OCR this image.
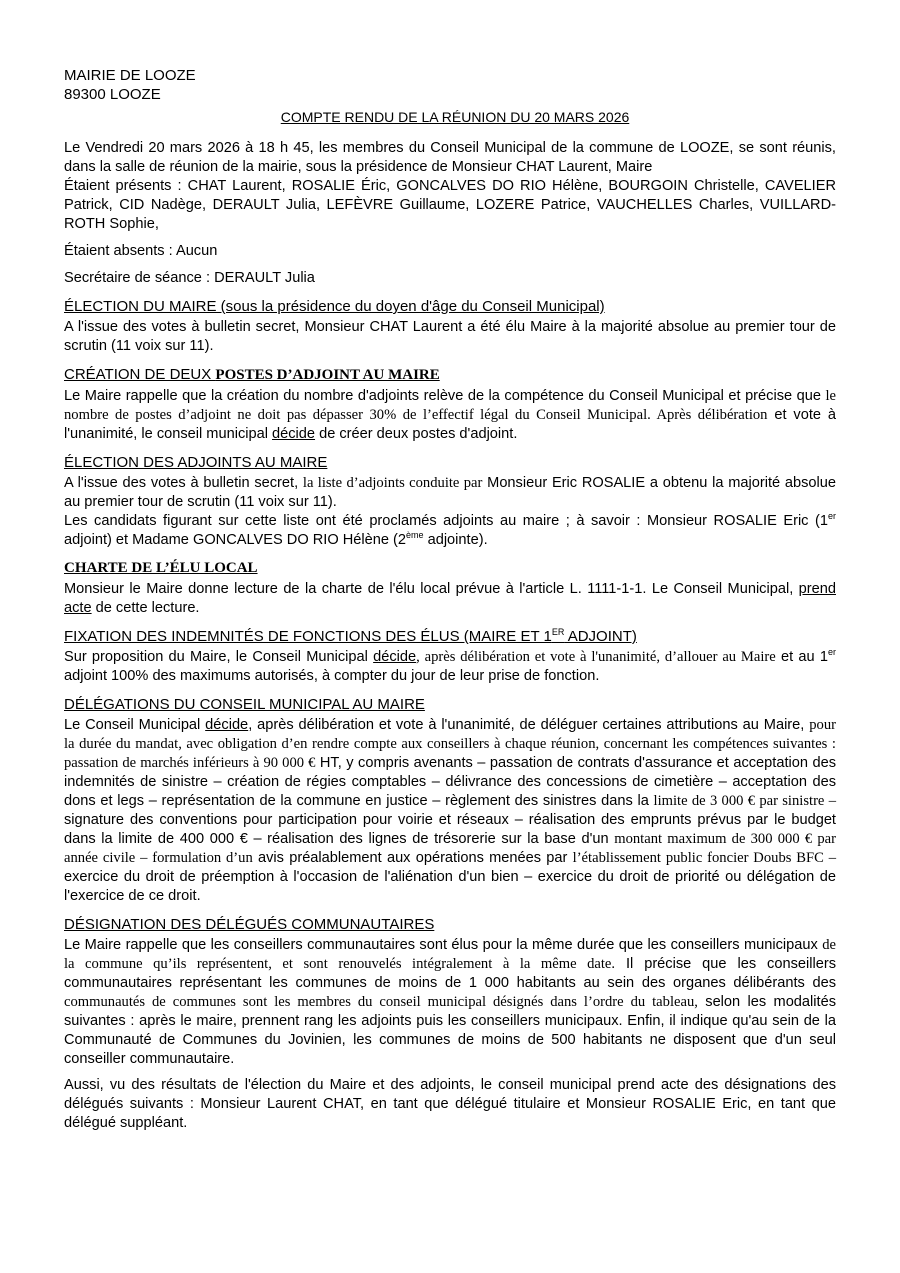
MAIRIE DE LOOZE
89300 LOOZE
COMPTE RENDU DE LA RÉUNION DU 20 MARS 2026

Le Vendredi 20 mars 2026 à 18 h 45, les membres du Conseil Municipal de la commune de LOOZE, se sont réunis, dans la salle de réunion de la mairie, sous la présidence de Monsieur CHAT Laurent, Maire

Étaient présents : CHAT Laurent, ROSALIE Éric, GONCALVES DO RIO Hélène, BOURGOIN Christelle, CAVELIER Patrick, CID Nadège, DERAULT Julia, LEFÈVRE Guillaume, LOZERE Patrice, VAUCHELLES Charles, VUILLARD-ROTH Sophie,

Étaient absents : Aucun

Secrétaire de séance : DERAULT Julia

ÉLECTION DU MAIRE (sous la présidence du doyen d'âge du Conseil Municipal)

A l'issue des votes à bulletin secret, Monsieur CHAT Laurent a été élu Maire à la majorité absolue au premier tour de scrutin (11 voix sur 11).

CRÉATION DE DEUX POSTES D’ADJOINT AU MAIRE

Le Maire rappelle que la création du nombre d'adjoints relève de la compétence du Conseil Municipal et précise que le nombre de postes d’adjoint ne doit pas dépasser 30% de l’effectif légal du Conseil Municipal. Après délibération et vote à l'unanimité, le conseil municipal décide de créer deux postes d'adjoint.

ÉLECTION DES ADJOINTS AU MAIRE

A l'issue des votes à bulletin secret, la liste d’adjoints conduite par Monsieur Eric ROSALIE a obtenu la majorité absolue au premier tour de scrutin (11 voix sur 11).

Les candidats figurant sur cette liste ont été proclamés adjoints au maire ; à savoir : Monsieur ROSALIE Eric (1er adjoint) et Madame GONCALVES DO RIO Hélène (2ème adjointe).

CHARTE DE L’ÉLU LOCAL

Monsieur le Maire donne lecture de la charte de l'élu local prévue à l'article L. 1111-1-1. Le Conseil Municipal, prend acte de cette lecture.

FIXATION DES INDEMNITÉS DE FONCTIONS DES ÉLUS (MAIRE ET 1ER ADJOINT)

Sur proposition du Maire, le Conseil Municipal décide, après délibération et vote à l'unanimité, d’allouer au Maire et au 1er adjoint 100% des maximums autorisés, à compter du jour de leur prise de fonction.

DÉLÉGATIONS DU CONSEIL MUNICIPAL AU MAIRE

Le Conseil Municipal décide, après délibération et vote à l'unanimité, de déléguer certaines attributions au Maire, pour la durée du mandat, avec obligation d’en rendre compte aux conseillers à chaque réunion, concernant les compétences suivantes : passation de marchés inférieurs à 90 000 € HT, y compris avenants – passation de contrats d'assurance et acceptation des indemnités de sinistre – création de régies comptables – délivrance des concessions de cimetière – acceptation des dons et legs – représentation de la commune en justice – règlement des sinistres dans la limite de 3 000 € par sinistre – signature des conventions pour participation pour voirie et réseaux – réalisation des emprunts prévus par le budget dans la limite de 400 000 € – réalisation des lignes de trésorerie sur la base d'un montant maximum de 300 000 € par année civile – formulation d’un avis préalablement aux opérations menées par l’établissement public foncier Doubs BFC – exercice du droit de préemption à l'occasion de l'aliénation d'un bien – exercice du droit de priorité ou délégation de l'exercice de ce droit.

DÉSIGNATION DES DÉLÉGUÉS COMMUNAUTAIRES

Le Maire rappelle que les conseillers communautaires sont élus pour la même durée que les conseillers municipaux de la commune qu’ils représentent, et sont renouvelés intégralement à la même date. Il précise que les conseillers communautaires représentant les communes de moins de 1 000 habitants au sein des organes délibérants des communautés de communes sont les membres du conseil municipal désignés dans l’ordre du tableau, selon les modalités suivantes : après le maire, prennent rang les adjoints puis les conseillers municipaux. Enfin, il indique qu'au sein de la Communauté de Communes du Jovinien, les communes de moins de 500 habitants ne disposent que d'un seul conseiller communautaire.

Aussi, vu des résultats de l'élection du Maire et des adjoints, le conseil municipal prend acte des désignations des délégués suivants : Monsieur Laurent CHAT, en tant que délégué titulaire et Monsieur ROSALIE Eric, en tant que délégué suppléant.
